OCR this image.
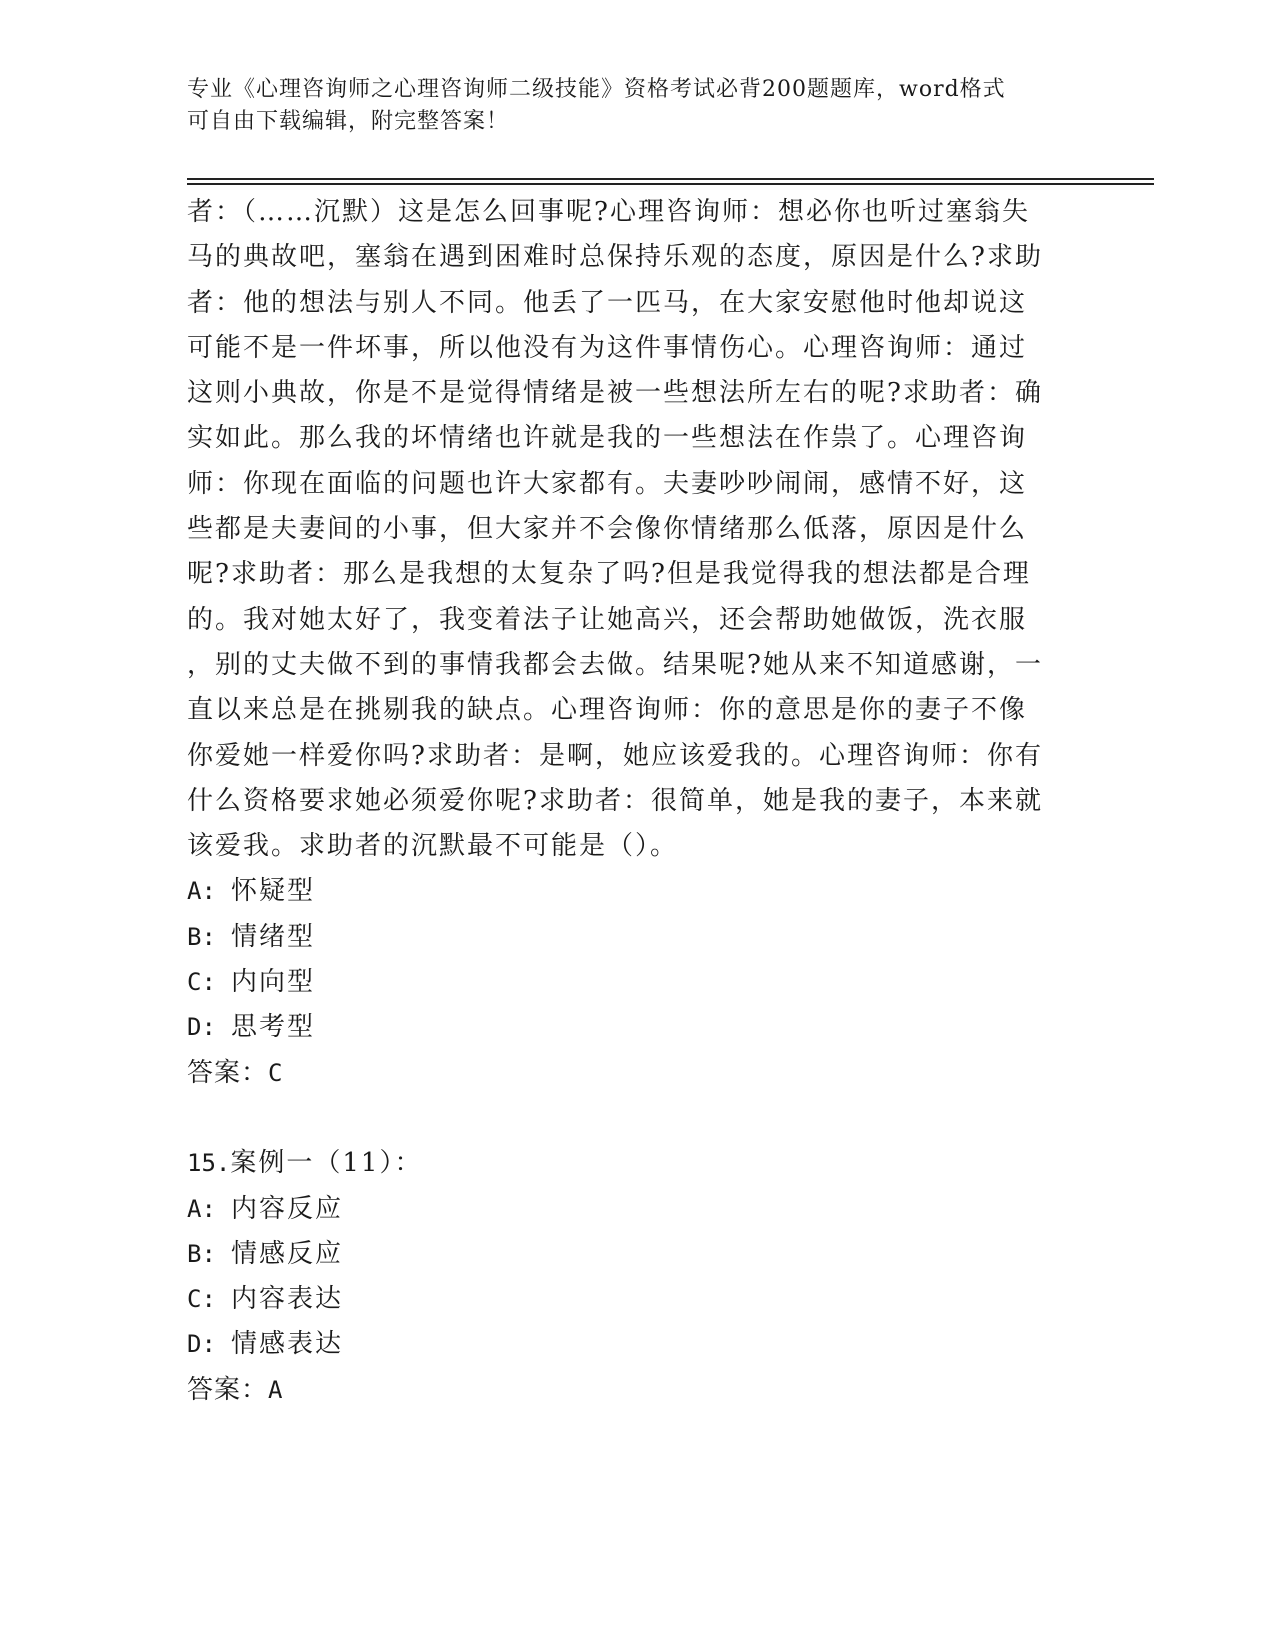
专业《心理咨询师之心理咨询师二级技能》资格考试必背200题题库，word格式
可自由下载编辑，附完整答案！
者：（……沉默）这是怎么回事呢?心理咨询师：想必你也听过塞翁失
马的典故吧，塞翁在遇到困难时总保持乐观的态度，原因是什么?求助
者：他的想法与别人不同。他丢了一匹马，在大家安慰他时他却说这
可能不是一件坏事，所以他没有为这件事情伤心。心理咨询师：通过
这则小典故，你是不是觉得情绪是被一些想法所左右的呢?求助者：确
实如此。那么我的坏情绪也许就是我的一些想法在作祟了。心理咨询
师：你现在面临的问题也许大家都有。夫妻吵吵闹闹，感情不好，这
些都是夫妻间的小事，但大家并不会像你情绪那么低落，原因是什么
呢?求助者：那么是我想的太复杂了吗?但是我觉得我的想法都是合理
的。我对她太好了，我变着法子让她高兴，还会帮助她做饭，洗衣服
，别的丈夫做不到的事情我都会去做。结果呢?她从来不知道感谢，一
直以来总是在挑剔我的缺点。心理咨询师：你的意思是你的妻子不像
你爱她一样爱你吗?求助者：是啊，她应该爱我的。心理咨询师：你有
什么资格要求她必须爱你呢?求助者：很简单，她是我的妻子，本来就
该爱我。求助者的沉默最不可能是（）。
A: 怀疑型
B: 情绪型
C: 内向型
D: 思考型
答案：C
15.案例一（11）：
A: 内容反应
B: 情感反应
C: 内容表达
D: 情感表达
答案：A
